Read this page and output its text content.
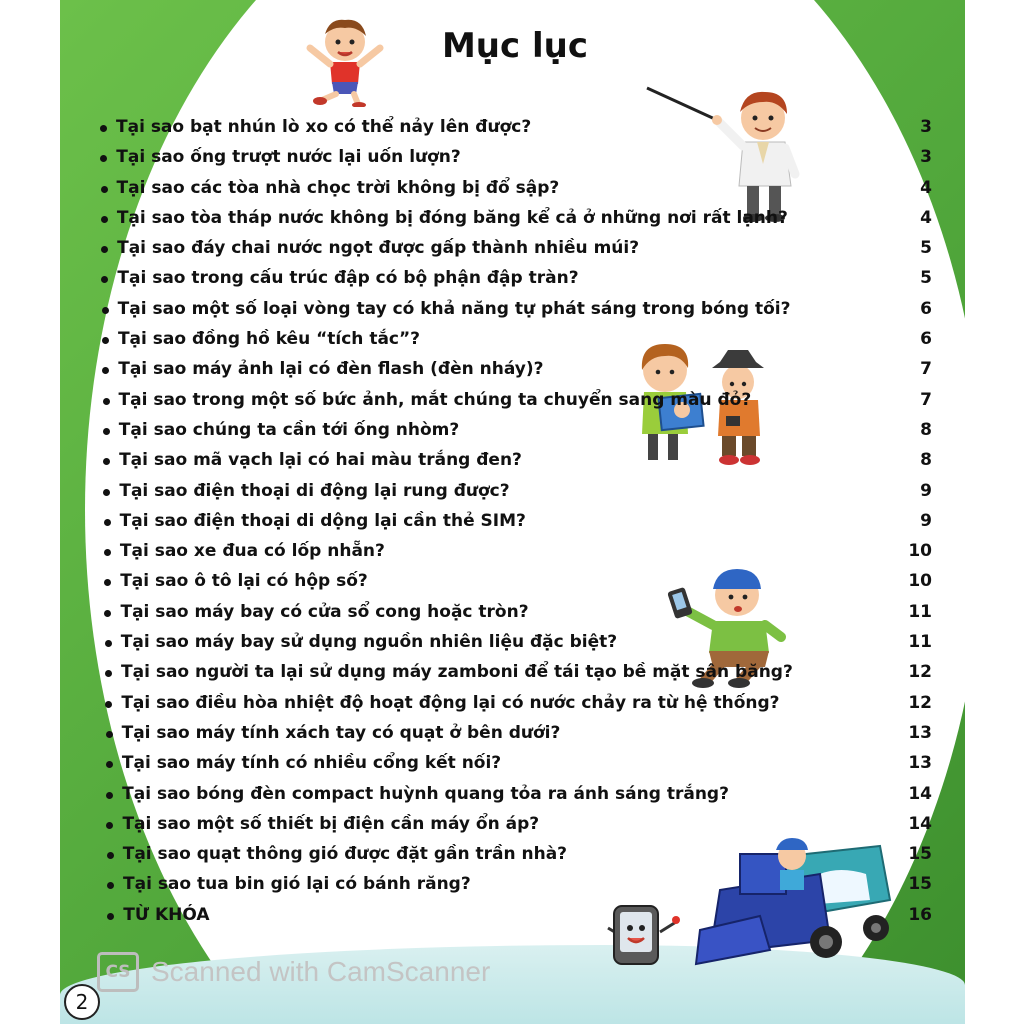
Mục lục
Tại sao bạt nhún lò xo có thể nảy lên được?	3
Tại sao ống trượt nước lại uốn lượn?	3
Tại sao các tòa nhà chọc trời không bị đổ sập?	4
Tại sao tòa tháp nước không bị đóng băng kể cả ở những nơi rất lạnh?	4
Tại sao đáy chai nước ngọt được gấp thành nhiều múi?	5
Tại sao trong cấu trúc đập có bộ phận đập tràn?	5
Tại sao một số loại vòng tay có khả năng tự phát sáng trong bóng tối?	6
Tại sao đồng hồ kêu “tích tắc”?	6
Tại sao máy ảnh lại có đèn flash (đèn nháy)?	7
Tại sao trong một số bức ảnh, mắt chúng ta chuyển sang màu đỏ?	7
Tại sao chúng ta cần tới ống nhòm?	8
Tại sao mã vạch lại có hai màu trắng đen?	8
Tại sao điện thoại di động lại rung được?	9
Tại sao điện thoại di dộng lại cần thẻ SIM?	9
Tại sao xe đua có lốp nhẵn?	10
Tại sao ô tô lại có hộp số?	10
Tại sao máy bay có cửa sổ cong hoặc tròn?	11
Tại sao máy bay sử dụng nguồn nhiên liệu đặc biệt?	11
Tại sao người ta lại sử dụng máy zamboni để tái tạo bề mặt sân băng?	12
Tại sao điều hòa nhiệt độ hoạt động lại có nước chảy ra từ hệ thống?	12
Tại sao máy tính xách tay có quạt ở bên dưới?	13
Tại sao máy tính có nhiều cổng kết nối?	13
Tại sao bóng đèn compact huỳnh quang tỏa ra ánh sáng trắng?	14
Tại sao một số thiết bị điện cần máy ổn áp?	14
Tại sao quạt thông gió được đặt gần trần nhà?	15
Tại sao tua bin gió lại có bánh răng?	15
TỪ KHÓA	16
CS Scanned with CamScanner
2
